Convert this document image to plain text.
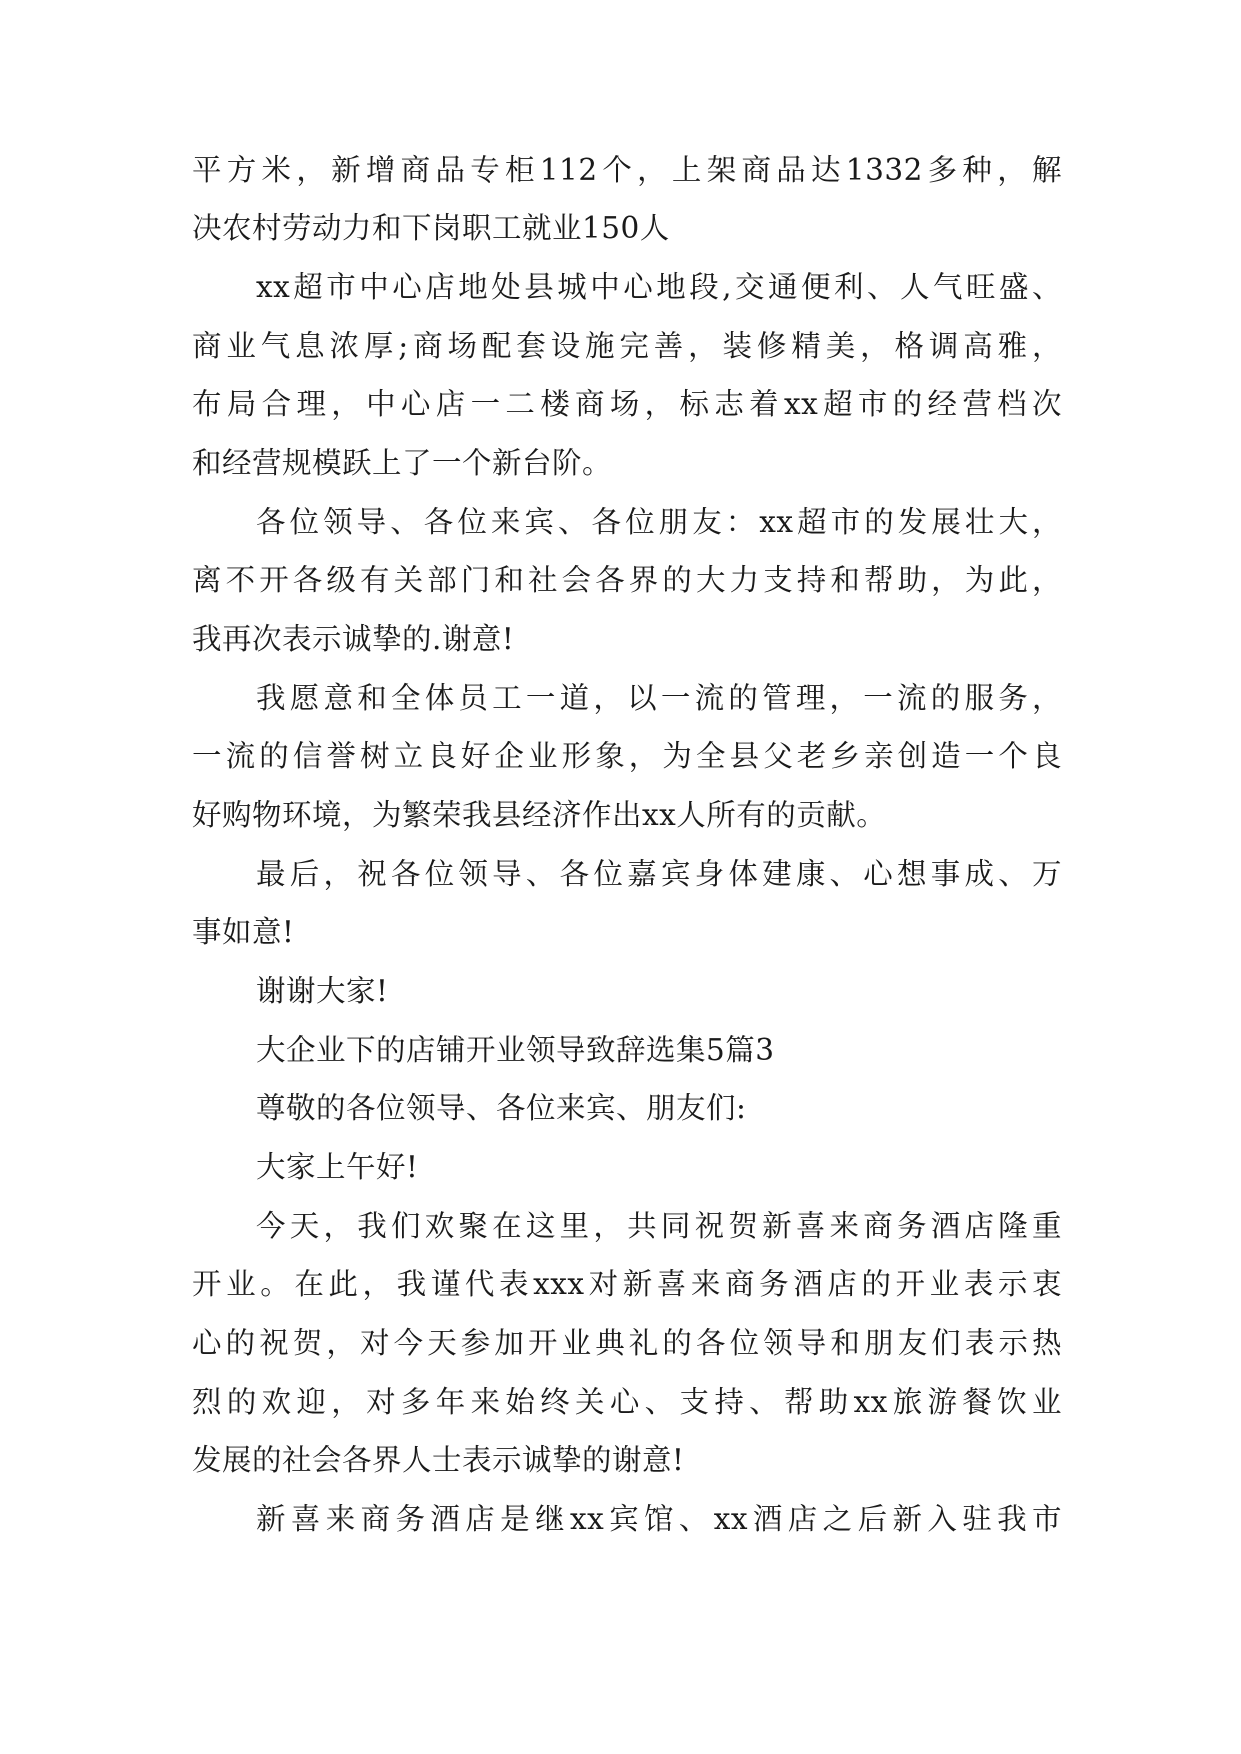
平方米，新增商品专柜112个，上架商品达1332多种，解
决农村劳动力和下岗职工就业150人
xx超市中心店地处县城中心地段,交通便利、人气旺盛、
商业气息浓厚;商场配套设施完善，装修精美，格调高雅，
布局合理，中心店一二楼商场，标志着xx超市的经营档次
和经营规模跃上了一个新台阶。
各位领导、各位来宾、各位朋友：xx超市的发展壮大，
离不开各级有关部门和社会各界的大力支持和帮助，为此，
我再次表示诚挚的.谢意!
我愿意和全体员工一道，以一流的管理，一流的服务，
一流的信誉树立良好企业形象，为全县父老乡亲创造一个良
好购物环境，为繁荣我县经济作出xx人所有的贡献。
最后，祝各位领导、各位嘉宾身体建康、心想事成、万
事如意!
谢谢大家!
大企业下的店铺开业领导致辞选集5篇3
尊敬的各位领导、各位来宾、朋友们:
大家上午好!
今天，我们欢聚在这里，共同祝贺新喜来商务酒店隆重
开业。在此，我谨代表xxx对新喜来商务酒店的开业表示衷
心的祝贺，对今天参加开业典礼的各位领导和朋友们表示热
烈的欢迎，对多年来始终关心、支持、帮助xx旅游餐饮业
发展的社会各界人士表示诚挚的谢意!
新喜来商务酒店是继xx宾馆、xx酒店之后新入驻我市
